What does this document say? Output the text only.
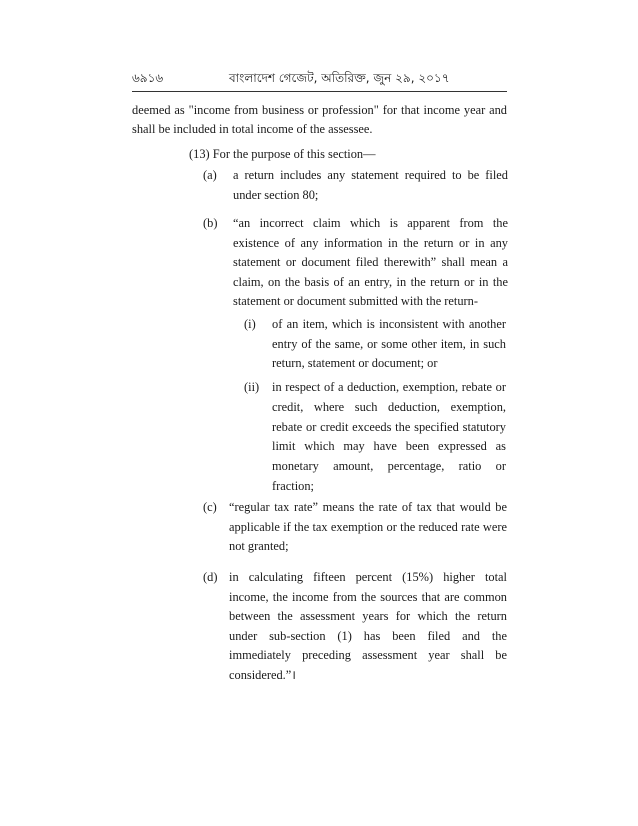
৬৯১৬	বাংলাদেশ গেজেট, অতিরিক্ত, জুন ২৯, ২০১৭
deemed as "income from business or profession" for that income year and shall be included in total income of the assessee.
(13) For the purpose of this section—
(a) a return includes any statement required to be filed under section 80;
(b) “an incorrect claim which is apparent from the existence of any information in the return or in any statement or document filed therewith” shall mean a claim, on the basis of an entry, in the return or in the statement or document submitted with the return-
(i) of an item, which is inconsistent with another entry of the same, or some other item, in such return, statement or document; or
(ii) in respect of a deduction, exemption, rebate or credit, where such deduction, exemption, rebate or credit exceeds the specified statutory limit which may have been expressed as monetary amount, percentage, ratio or fraction;
(c) “regular tax rate” means the rate of tax that would be applicable if the tax exemption or the reduced rate were not granted;
(d) in calculating fifteen percent (15%) higher total income, the income from the sources that are common between the assessment years for which the return under sub-section (1) has been filed and the immediately preceding assessment year shall be considered.”।
